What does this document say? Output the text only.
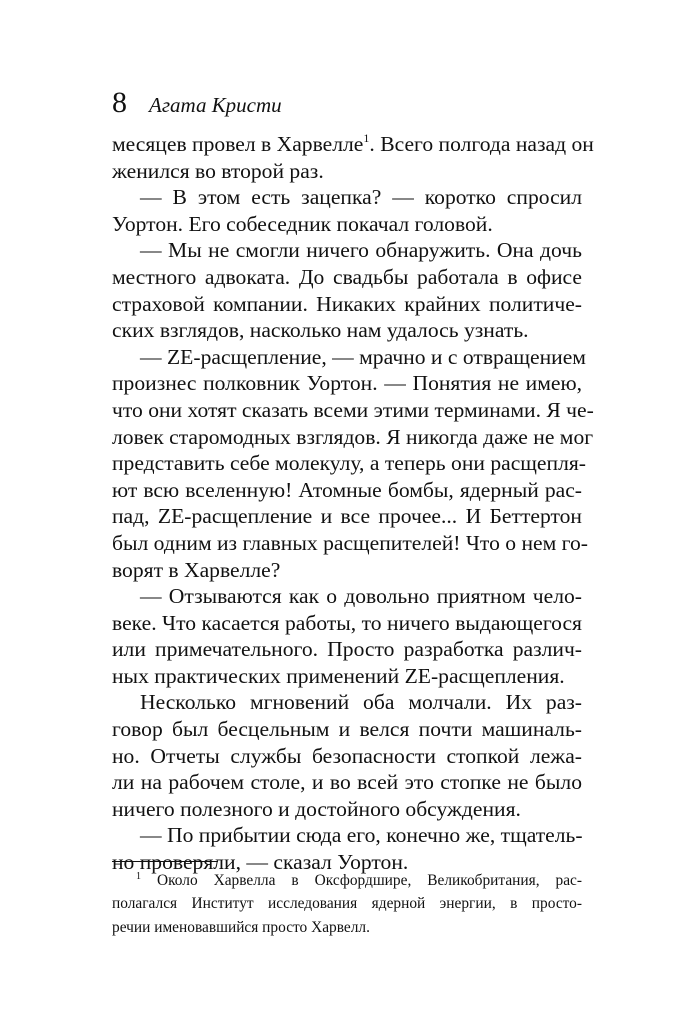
8 Агата Кристи
месяцев провел в Харвелле$^1$. Всего полгода назад он
женился во второй раз.
— В этом есть зацепка? — коротко спросил
Уортон. Его собеседник покачал головой.
— Мы не смогли ничего обнаружить. Она дочь
местного адвоката. До свадьбы работала в офисе
страховой компании. Никаких крайних политиче-
ских взглядов, насколько нам удалось узнать.
— ZE-расщепление, — мрачно и с отвращением
произнес полковник Уортон. — Понятия не имею,
что они хотят сказать всеми этими терминами. Я че-
ловек старомодных взглядов. Я никогда даже не мог
представить себе молекулу, а теперь они расщепля-
ют всю вселенную! Атомные бомбы, ядерный рас-
пад, ZE-расщепление и все прочее... И Беттертон
был одним из главных расщепителей! Что о нем го-
ворят в Харвелле?
— Отзываются как о довольно приятном чело-
веке. Что касается работы, то ничего выдающегося
или примечательного. Просто разработка различ-
ных практических применений ZE-расщепления.
Несколько мгновений оба молчали. Их раз-
говор был бесцельным и велся почти машиналь-
но. Отчеты службы безопасности стопкой лежа-
ли на рабочем столе, и во всей это стопке не было
ничего полезного и достойного обсуждения.
— По прибытии сюда его, конечно же, тщатель-
но проверяли, — сказал Уортон.
$^1$ Около Харвелла в Оксфордшире, Великобритания, рас-
полагался Институт исследования ядерной энергии, в просто-
речии именовавшийся просто Харвелл.
